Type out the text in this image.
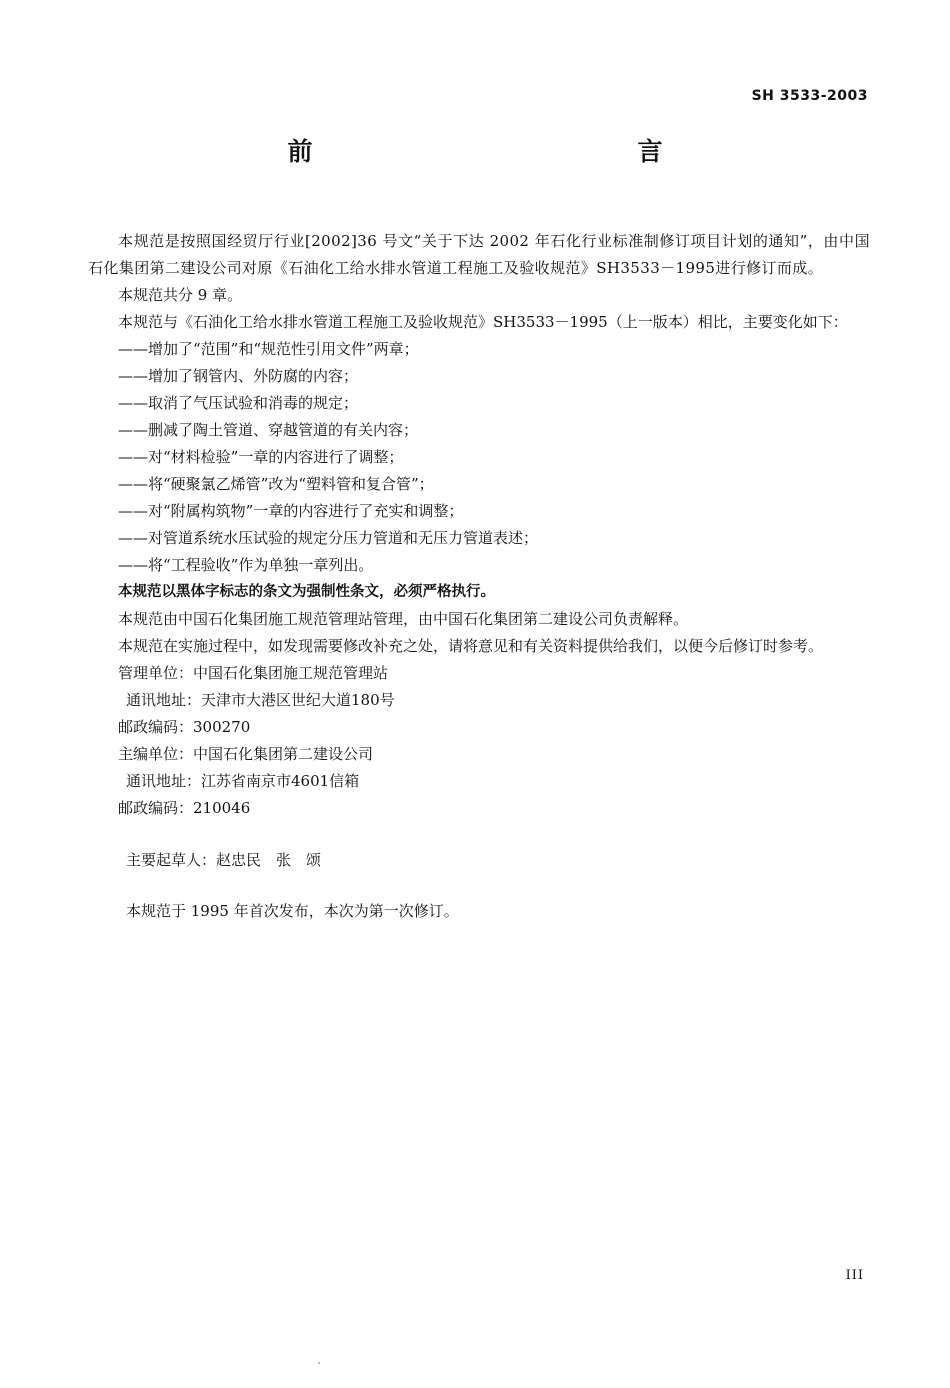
SH 3533-2003
前　言

本规范是按照国经贸厅行业[2002]36 号文“关于下达 2002 年石化行业标准制修订项目计划的通知”，由中国石化集团第二建设公司对原《石油化工给水排水管道工程施工及验收规范》SH3533－1995进行修订而成。

本规范共分 9 章。

本规范与《石油化工给水排水管道工程施工及验收规范》SH3533－1995（上一版本）相比，主要变化如下：

——增加了“范围”和“规范性引用文件”两章；

——增加了钢管内、外防腐的内容；

——取消了气压试验和消毒的规定；

——删减了陶土管道、穿越管道的有关内容；

——对“材料检验”一章的内容进行了调整；

——将“硬聚氯乙烯管”改为“塑料管和复合管”；

——对“附属构筑物”一章的内容进行了充实和调整；

——对管道系统水压试验的规定分压力管道和无压力管道表述；

——将“工程验收”作为单独一章列出。

本规范以黑体字标志的条文为强制性条文，必须严格执行。

本规范由中国石化集团施工规范管理站管理，由中国石化集团第二建设公司负责解释。

本规范在实施过程中，如发现需要修改补充之处，请将意见和有关资料提供给我们，以便今后修订时参考。

管理单位：中国石化集团施工规范管理站

通讯地址：天津市大港区世纪大道180号

邮政编码：300270

主编单位：中国石化集团第二建设公司

通讯地址：江苏省南京市4601信箱

邮政编码：210046

主要起草人：赵忠民　张　颂

本规范于 1995 年首次发布，本次为第一次修订。

III
